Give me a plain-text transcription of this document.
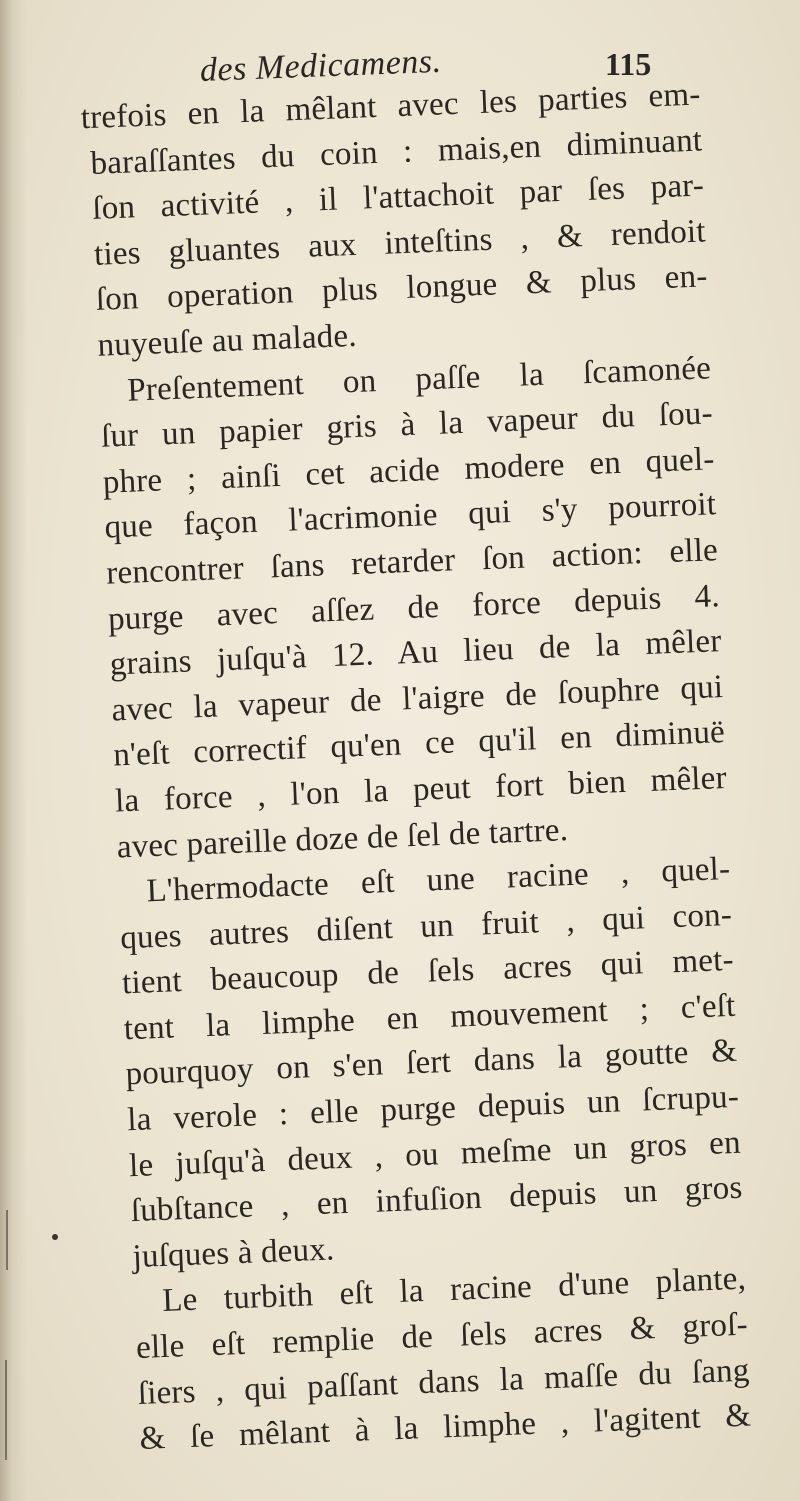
des Medicamens.	115
trefois en la mêlant avec les parties em-
baraſſantes du coin : mais,en diminuant
ſon activité , il l'attachoit par ſes par-
ties gluantes aux inteſtins , & rendoit
ſon operation plus longue & plus en-
nuyeuſe au malade.
Preſentement on paſſe la ſcamonée
ſur un papier gris à la vapeur du ſou-
phre ; ainſi cet acide modere en quel-
que façon l'acrimonie qui s'y pourroit
rencontrer ſans retarder ſon action: elle
purge avec aſſez de force depuis 4.
grains juſqu'à 12. Au lieu de la mêler
avec la vapeur de l'aigre de ſouphre qui
n'eſt correctif qu'en ce qu'il en diminuë
la force , l'on la peut fort bien mêler
avec pareille doze de ſel de tartre.
L'hermodacte eſt une racine , quel-
ques autres diſent un fruit , qui con-
tient beaucoup de ſels acres qui met-
tent la limphe en mouvement ; c'eſt
pourquoy on s'en ſert dans la goutte &
la verole : elle purge depuis un ſcrupu-
le juſqu'à deux , ou meſme un gros en
ſubſtance , en infuſion depuis un gros
juſques à deux.
Le turbith eſt la racine d'une plante,
elle eſt remplie de ſels acres & groſ-
ſiers , qui paſſant dans la maſſe du ſang
& ſe mêlant à la limphe , l'agitent &
